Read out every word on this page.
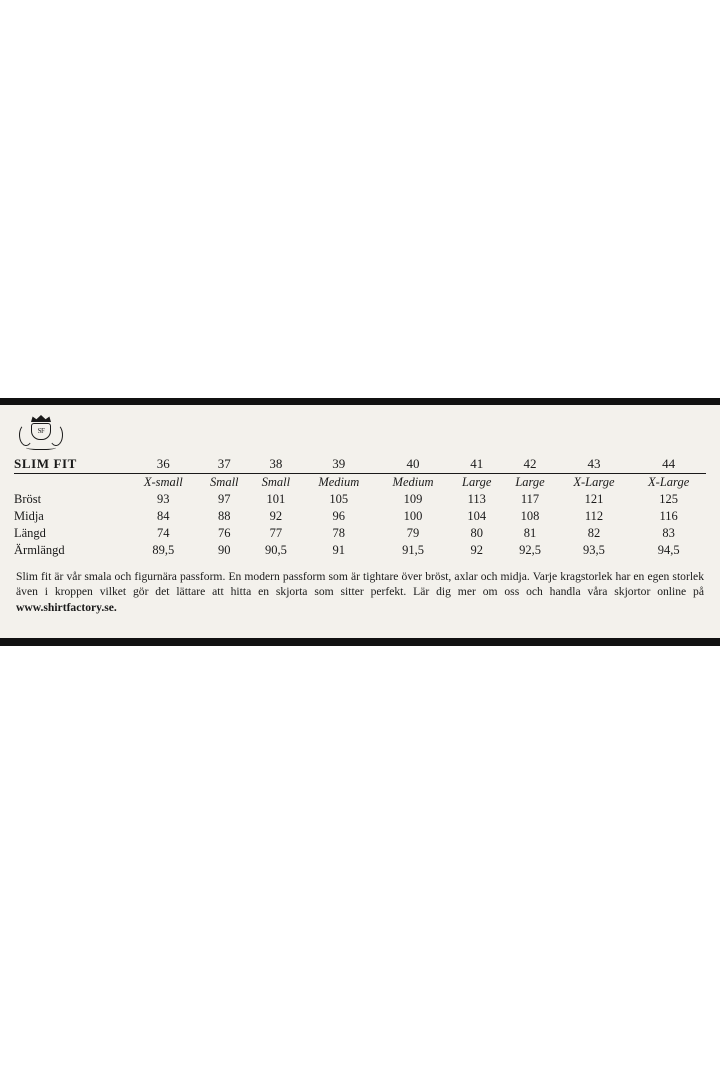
SF
SLIM FIT	36	37	38	39	40	41	42	43	44
	X-small	Small	Small	Medium	Medium	Large	Large	X-Large	X-Large
Bröst	93	97	101	105	109	113	117	121	125
Midja	84	88	92	96	100	104	108	112	116
Längd	74	76	77	78	79	80	81	82	83
Ärmlängd	89,5	90	90,5	91	91,5	92	92,5	93,5	94,5

Slim fit är vår smala och figurnära passform. En modern passform som är tightare över bröst, axlar och midja. Varje kragstorlek har en egen storlek även i kroppen vilket gör det lättare att hitta en skjorta som sitter perfekt. Lär dig mer om oss och handla våra skjortor online på www.shirtfactory.se.
